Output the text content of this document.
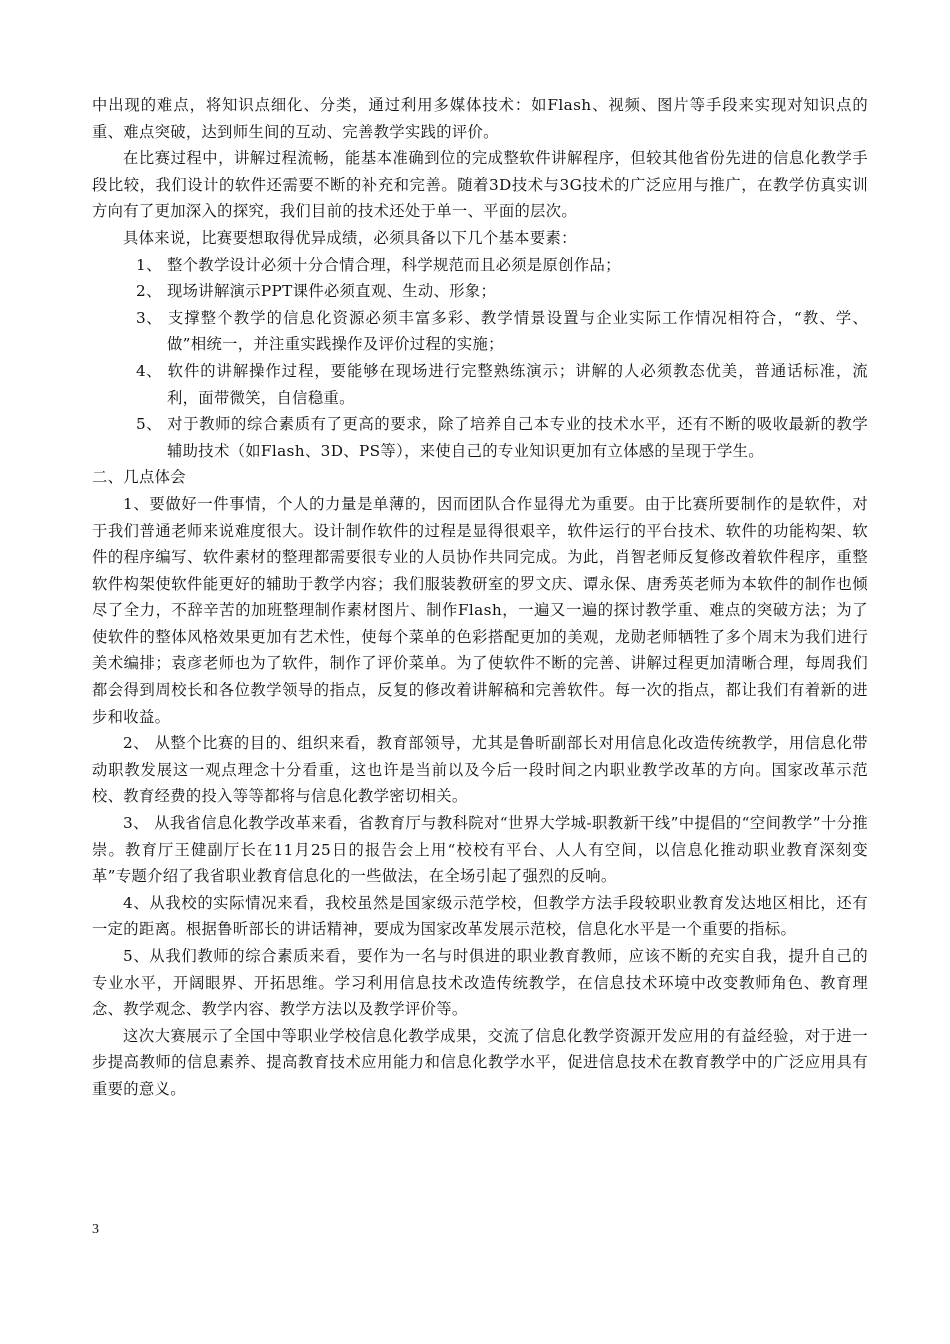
中出现的难点，将知识点细化、分类，通过利用多媒体技术：如Flash、视频、图片等手段来实现对知识点的重、难点突破，达到师生间的互动、完善教学实践的评价。

在比赛过程中，讲解过程流畅，能基本准确到位的完成整软件讲解程序，但较其他省份先进的信息化教学手段比较，我们设计的软件还需要不断的补充和完善。随着3D技术与3G技术的广泛应用与推广，在教学仿真实训方向有了更加深入的探究，我们目前的技术还处于单一、平面的层次。

具体来说，比赛要想取得优异成绩，必须具备以下几个基本要素：

1、 整个教学设计必须十分合情合理，科学规范而且必须是原创作品；

2、 现场讲解演示PPT课件必须直观、生动、形象；

3、 支撑整个教学的信息化资源必须丰富多彩、教学情景设置与企业实际工作情况相符合，“教、学、做”相统一，并注重实践操作及评价过程的实施；

4、 软件的讲解操作过程，要能够在现场进行完整熟练演示；讲解的人必须教态优美，普通话标准，流利，面带微笑，自信稳重。

5、 对于教师的综合素质有了更高的要求，除了培养自己本专业的技术水平，还有不断的吸收最新的教学辅助技术（如Flash、3D、PS等），来使自己的专业知识更加有立体感的呈现于学生。

二、几点体会

1、要做好一件事情，个人的力量是单薄的，因而团队合作显得尤为重要。由于比赛所要制作的是软件，对于我们普通老师来说难度很大。设计制作软件的过程是显得很艰辛，软件运行的平台技术、软件的功能构架、软件的程序编写、软件素材的整理都需要很专业的人员协作共同完成。为此，肖智老师反复修改着软件程序，重整软件构架使软件能更好的辅助于教学内容；我们服装教研室的罗文庆、谭永保、唐秀英老师为本软件的制作也倾尽了全力，不辞辛苦的加班整理制作素材图片、制作Flash，一遍又一遍的探讨教学重、难点的突破方法；为了使软件的整体风格效果更加有艺术性，使每个菜单的色彩搭配更加的美观，龙勋老师牺牲了多个周末为我们进行美术编排；袁彦老师也为了软件，制作了评价菜单。为了使软件不断的完善、讲解过程更加清晰合理，每周我们都会得到周校长和各位教学领导的指点，反复的修改着讲解稿和完善软件。每一次的指点，都让我们有着新的进步和收益。

2、 从整个比赛的目的、组织来看，教育部领导，尤其是鲁昕副部长对用信息化改造传统教学，用信息化带动职教发展这一观点理念十分看重，这也许是当前以及今后一段时间之内职业教学改革的方向。国家改革示范校、教育经费的投入等等都将与信息化教学密切相关。

3、 从我省信息化教学改革来看，省教育厅与教科院对“世界大学城-职教新干线”中提倡的“空间教学”十分推崇。教育厅王健副厅长在11月25日的报告会上用“校校有平台、人人有空间，以信息化推动职业教育深刻变革”专题介绍了我省职业教育信息化的一些做法，在全场引起了强烈的反响。

4、从我校的实际情况来看，我校虽然是国家级示范学校，但教学方法手段较职业教育发达地区相比，还有一定的距离。根据鲁昕部长的讲话精神，要成为国家改革发展示范校，信息化水平是一个重要的指标。

5、从我们教师的综合素质来看，要作为一名与时俱进的职业教育教师，应该不断的充实自我，提升自己的专业水平，开阔眼界、开拓思维。学习利用信息技术改造传统教学，在信息技术环境中改变教师角色、教育理念、教学观念、教学内容、教学方法以及教学评价等。

这次大赛展示了全国中等职业学校信息化教学成果，交流了信息化教学资源开发应用的有益经验，对于进一步提高教师的信息素养、提高教育技术应用能力和信息化教学水平，促进信息技术在教育教学中的广泛应用具有重要的意义。

3
